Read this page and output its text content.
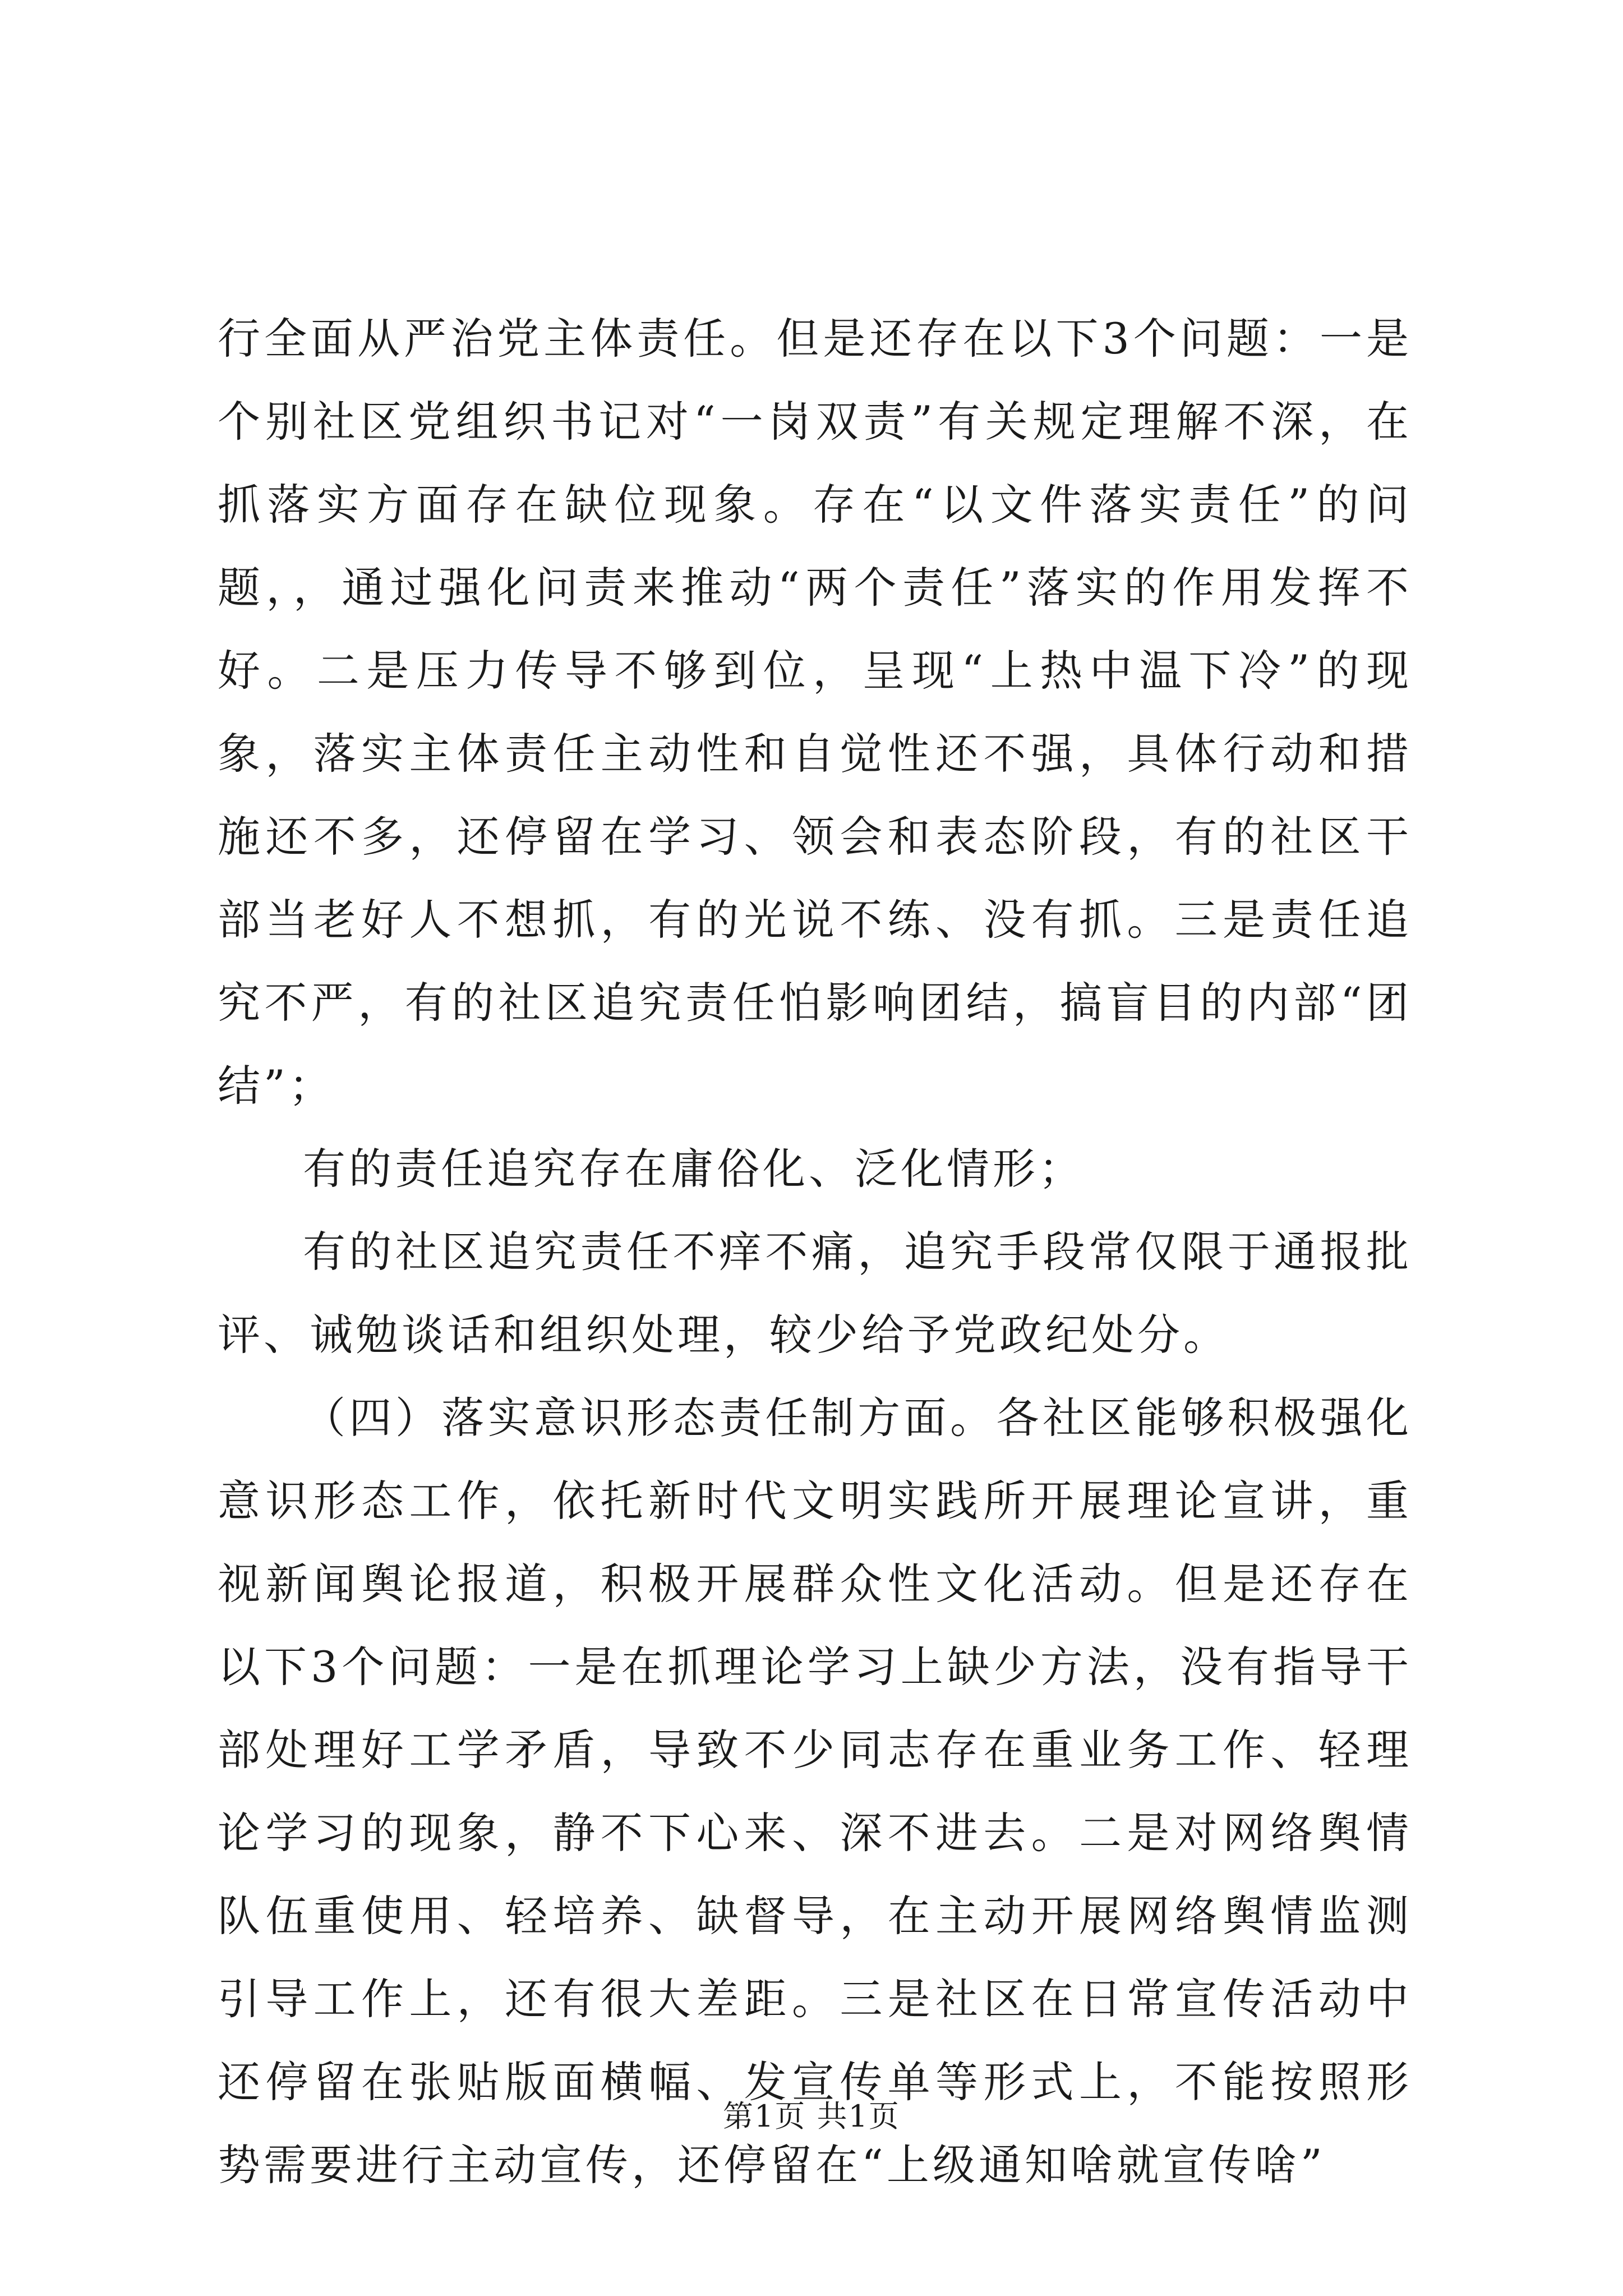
行全面从严治党主体责任。但是还存在以下3个问题：一是个别社区党组织书记对“一岗双责”有关规定理解不深，在抓落实方面存在缺位现象。存在“以文件落实责任”的问题，，通过强化问责来推动“两个责任”落实的作用发挥不好。二是压力传导不够到位，呈现“上热中温下冷”的现象，落实主体责任主动性和自觉性还不强，具体行动和措施还不多，还停留在学习、领会和表态阶段，有的社区干部当老好人不想抓，有的光说不练、没有抓。三是责任追究不严，有的社区追究责任怕影响团结，搞盲目的内部“团结”；

有的责任追究存在庸俗化、泛化情形；

有的社区追究责任不痒不痛，追究手段常仅限于通报批评、诫勉谈话和组织处理，较少给予党政纪处分。

（四）落实意识形态责任制方面。各社区能够积极强化意识形态工作，依托新时代文明实践所开展理论宣讲，重视新闻舆论报道，积极开展群众性文化活动。但是还存在以下3个问题：一是在抓理论学习上缺少方法，没有指导干部处理好工学矛盾，导致不少同志存在重业务工作、轻理论学习的现象，静不下心来、深不进去。二是对网络舆情队伍重使用、轻培养、缺督导，在主动开展网络舆情监测引导工作上，还有很大差距。三是社区在日常宣传活动中还停留在张贴版面横幅、发宣传单等形式上，不能按照形势需要进行主动宣传，还停留在“上级通知啥就宣传啥”

第1页 共1页
